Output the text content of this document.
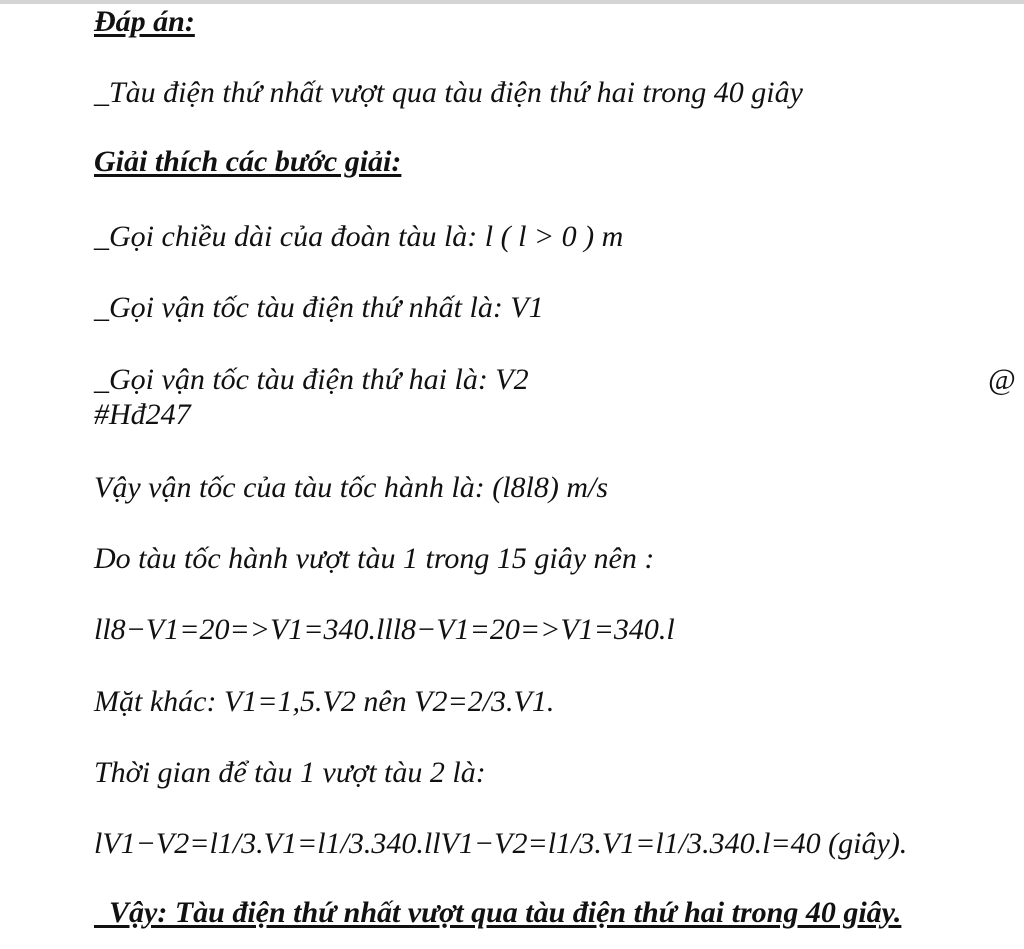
Đáp án:
_Tàu điện thứ nhất vượt qua tàu điện thứ hai trong 40 giây
Giải thích các bước giải:
_Gọi chiều dài của đoàn tàu là: l ( l > 0 ) m
_Gọi vận tốc tàu điện thứ nhất là: V1
_Gọi vận tốc tàu điện thứ hai là: V2	@
#Hđ247
Vậy vận tốc của tàu tốc hành là: (l8l8) m/s
Do tàu tốc hành vượt tàu 1 trong 15 giây nên :
ll8−V1=20=>V1=340.lll8−V1=20=>V1=340.l
Mặt khác: V1=1,5.V2 nên V2=2/3.V1.
Thời gian để tàu 1 vượt tàu 2 là:
lV1−V2=l1/3.V1=l1/3.340.llV1−V2=l1/3.V1=l1/3.340.l=40 (giây).
Vậy: Tàu điện thứ nhất vượt qua tàu điện thứ hai trong 40 giây.
